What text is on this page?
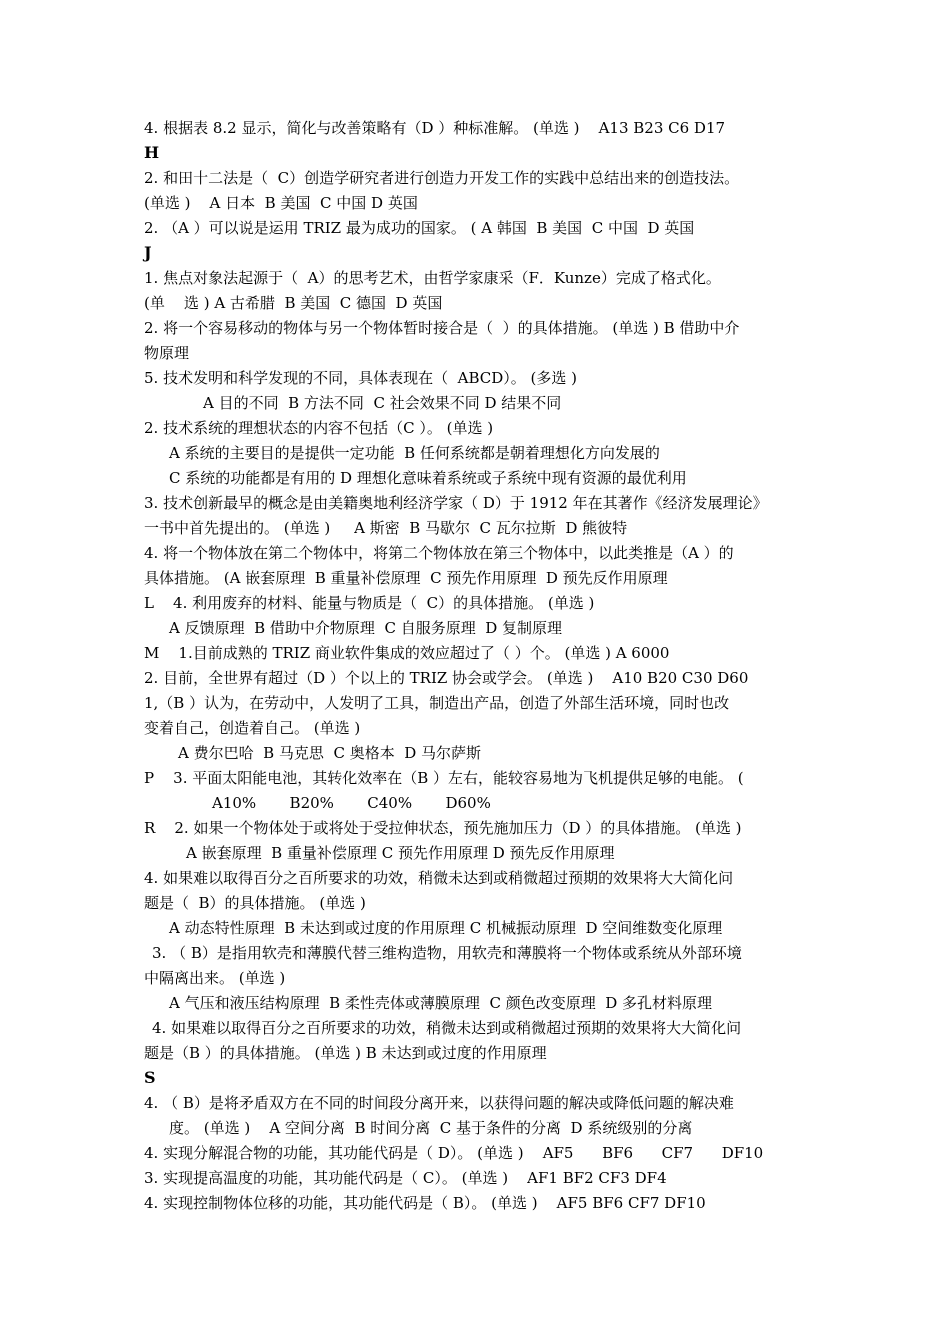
4. 根据表 8.2 显示，简化与改善策略有（D ）种标准解。 (单选 )    A13 B23 C6 D17
H
2. 和田十二法是（  C）创造学研究者进行创造力开发工作的实践中总结出来的创造技法。
(单选 )    A 日本  B 美国  C 中国 D 英国
2. （A ）可以说是运用 TRIZ 最为成功的国家。 ( A 韩国  B 美国  C 中国  D 英国
J
1. 焦点对象法起源于（  A）的思考艺术，由哲学家康采（F．Kunze）完成了格式化。
(单    选 ) A 古希腊  B 美国  C 德国  D 英国
2. 将一个容易移动的物体与另一个物体暂时接合是（  ）的具体措施。 (单选 ) B 借助中介
物原理
5. 技术发明和科学发现的不同，具体表现在（  ABCD）。 (多选 )
A 目的不同  B 方法不同  C 社会效果不同 D 结果不同
2. 技术系统的理想状态的内容不包括（C ）。 (单选 )
A 系统的主要目的是提供一定功能  B 任何系统都是朝着理想化方向发展的
C 系统的功能都是有用的 D 理想化意味着系统或子系统中现有资源的最优利用
3. 技术创新最早的概念是由美籍奥地利经济学家（ D）于 1912 年在其著作《经济发展理论》
一书中首先提出的。 (单选 )     A 斯密  B 马歇尔  C 瓦尔拉斯  D 熊彼特
4. 将一个物体放在第二个物体中，将第二个物体放在第三个物体中，以此类推是（A ）的
具体措施。 (A 嵌套原理  B 重量补偿原理  C 预先作用原理  D 预先反作用原理
L    4. 利用废弃的材料、能量与物质是（  C）的具体措施。 (单选 )
A 反馈原理  B 借助中介物原理  C 自服务原理  D 复制原理
M    1.目前成熟的 TRIZ 商业软件集成的效应超过了（ ）个。 (单选 ) A 6000
2. 目前，全世界有超过（D ）个以上的 TRIZ 协会或学会。 (单选 )    A10 B20 C30 D60
1,（B ）认为，在劳动中，人发明了工具，制造出产品，创造了外部生活环境，同时也改
变着自己，创造着自己。 (单选 )
A 费尔巴哈  B 马克思  C 奥格本  D 马尔萨斯
P    3. 平面太阳能电池，其转化效率在（B ）左右，能较容易地为飞机提供足够的电能。 (
A10%       B20%       C40%       D60%
R    2. 如果一个物体处于或将处于受拉伸状态，预先施加压力（D ）的具体措施。 (单选 )
A 嵌套原理  B 重量补偿原理 C 预先作用原理 D 预先反作用原理
4. 如果难以取得百分之百所要求的功效，稍微未达到或稍微超过预期的效果将大大简化问
题是（  B）的具体措施。 (单选 )
A 动态特性原理  B 未达到或过度的作用原理 C 机械振动原理  D 空间维数变化原理
3. （ B）是指用软壳和薄膜代替三维构造物，用软壳和薄膜将一个物体或系统从外部环境
中隔离出来。 (单选 )
A 气压和液压结构原理  B 柔性壳体或薄膜原理  C 颜色改变原理  D 多孔材料原理
4. 如果难以取得百分之百所要求的功效，稍微未达到或稍微超过预期的效果将大大简化问
题是（B ）的具体措施。 (单选 ) B 未达到或过度的作用原理
S
4. （ B）是将矛盾双方在不同的时间段分离开来，以获得问题的解决或降低问题的解决难
度。 (单选 )    A 空间分离  B 时间分离  C 基于条件的分离  D 系统级别的分离
4. 实现分解混合物的功能，其功能代码是（ D）。 (单选 )    AF5      BF6      CF7      DF10
3. 实现提高温度的功能，其功能代码是（ C）。 (单选 )    AF1 BF2 CF3 DF4
4. 实现控制物体位移的功能，其功能代码是（ B）。 (单选 )    AF5 BF6 CF7 DF10
